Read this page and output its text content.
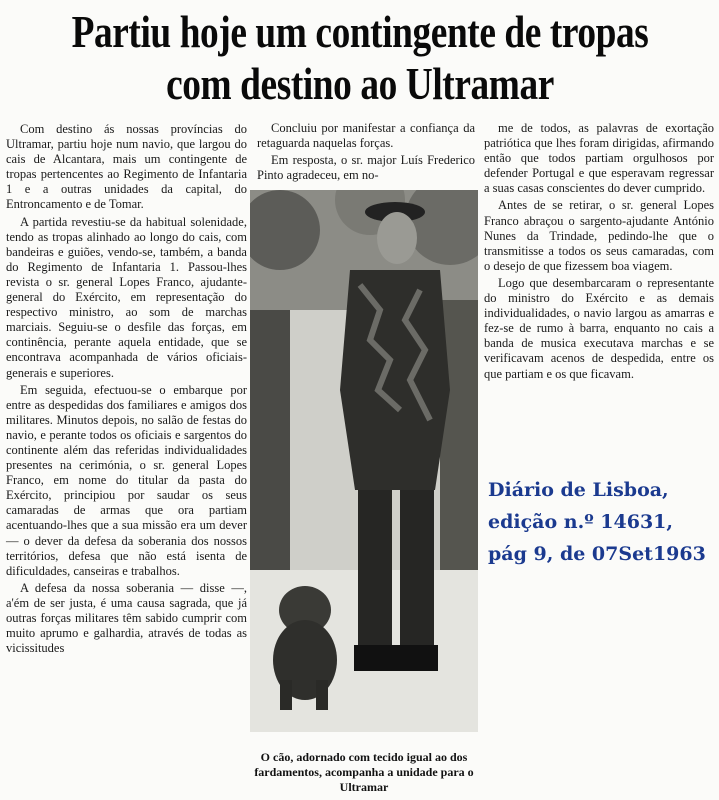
Partiu hoje um contingente de tropas
com destino ao Ultramar

Com destino ás nossas províncias do Ultramar, partiu hoje num navio, que largou do cais de Alcantara, mais um contingente de tropas pertencentes ao Regimento de Infantaria 1 e a outras unidades da capital, do Entroncamento e de Tomar.

A partida revestiu-se da habitual solenidade, tendo as tropas alinhado ao longo do cais, com bandeiras e guiões, vendo-se, também, a banda do Regimento de Infantaria 1. Passou-lhes revista o sr. general Lopes Franco, ajudante-general do Exército, em representação do respectivo ministro, ao som de marchas marciais. Seguiu-se o desfile das forças, em continência, perante aquela entidade, que se encontrava acompanhada de vários oficiais-generais e superiores.

Em seguida, efectuou-se o embarque por entre as despedidas dos familiares e amigos dos militares. Minutos depois, no salão de festas do navio, e perante todos os oficiais e sargentos do continente além das referidas individualidades presentes na cerimónia, o sr. general Lopes Franco, em nome do titular da pasta do Exército, principiou por saudar os seus camaradas de armas que ora partiam acentuando-lhes que a sua missão era um dever — o dever da defesa da soberania dos nossos territórios, defesa que não está isenta de dificuldades, canseiras e trabalhos.

A defesa da nossa soberania — disse —, a'ém de ser justa, é uma causa sagrada, que já outras forças militares têm sabido cumprir com muito aprumo e galhardia, através de todas as vicissitudes

Concluiu por manifestar a confiança da retaguarda naquelas forças.

Em resposta, o sr. major Luís Frederico Pinto agradeceu, em no-

O cão, adornado com tecido igual ao dos fardamentos, acompanha a unidade para o Ultramar

me de todos, as palavras de exortação patriótica que lhes foram dirigidas, afirmando então que todos partiam orgulhosos por defender Portugal e que esperavam regressar a suas casas conscientes do dever cumprido.

Antes de se retirar, o sr. general Lopes Franco abraçou o sargento-ajudante António Nunes da Trindade, pedindo-lhe que o transmitisse a todos os seus camaradas, com o desejo de que fizessem boa viagem.

Logo que desembarcaram o representante do ministro do Exército e as demais individualidades, o navio largou as amarras e fez-se de rumo à barra, enquanto no cais a banda de musica executava marchas e se verificavam acenos de despedida, entre os que partiam e os que ficavam.

Diário de Lisboa,
edição n.º 14631,
pág 9, de 07Set1963
